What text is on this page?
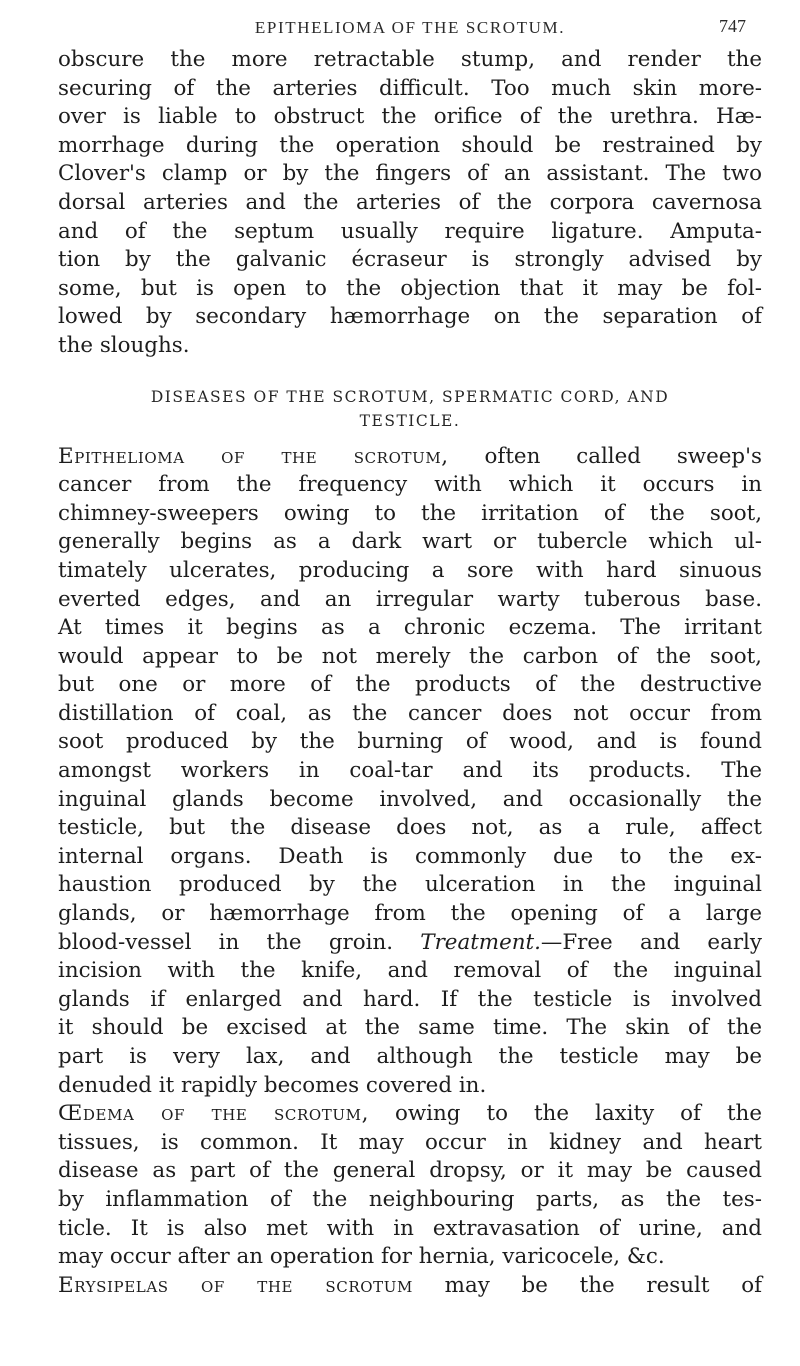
EPITHELIOMA OF THE SCROTUM.	747
obscure the more retractable stump, and render the
securing of the arteries difficult. Too much skin more-
over is liable to obstruct the orifice of the urethra. Hæ-
morrhage during the operation should be restrained by
Clover's clamp or by the fingers of an assistant. The two
dorsal arteries and the arteries of the corpora cavernosa
and of the septum usually require ligature. Amputa-
tion by the galvanic écraseur is strongly advised by
some, but is open to the objection that it may be fol-
lowed by secondary hæmorrhage on the separation of
the sloughs.
DISEASES OF THE SCROTUM, SPERMATIC CORD, AND
TESTICLE.
Epithelioma of the scrotum, often called sweep's
cancer from the frequency with which it occurs in
chimney-sweepers owing to the irritation of the soot,
generally begins as a dark wart or tubercle which ul-
timately ulcerates, producing a sore with hard sinuous
everted edges, and an irregular warty tuberous base.
At times it begins as a chronic eczema. The irritant
would appear to be not merely the carbon of the soot,
but one or more of the products of the destructive
distillation of coal, as the cancer does not occur from
soot produced by the burning of wood, and is found
amongst workers in coal-tar and its products. The
inguinal glands become involved, and occasionally the
testicle, but the disease does not, as a rule, affect
internal organs. Death is commonly due to the ex-
haustion produced by the ulceration in the inguinal
glands, or hæmorrhage from the opening of a large
blood-vessel in the groin. Treatment.—Free and early
incision with the knife, and removal of the inguinal
glands if enlarged and hard. If the testicle is involved
it should be excised at the same time. The skin of the
part is very lax, and although the testicle may be
denuded it rapidly becomes covered in.
Œdema of the scrotum, owing to the laxity of the
tissues, is common. It may occur in kidney and heart
disease as part of the general dropsy, or it may be caused
by inflammation of the neighbouring parts, as the tes-
ticle. It is also met with in extravasation of urine, and
may occur after an operation for hernia, varicocele, &c.
Erysipelas of the scrotum may be the result of
